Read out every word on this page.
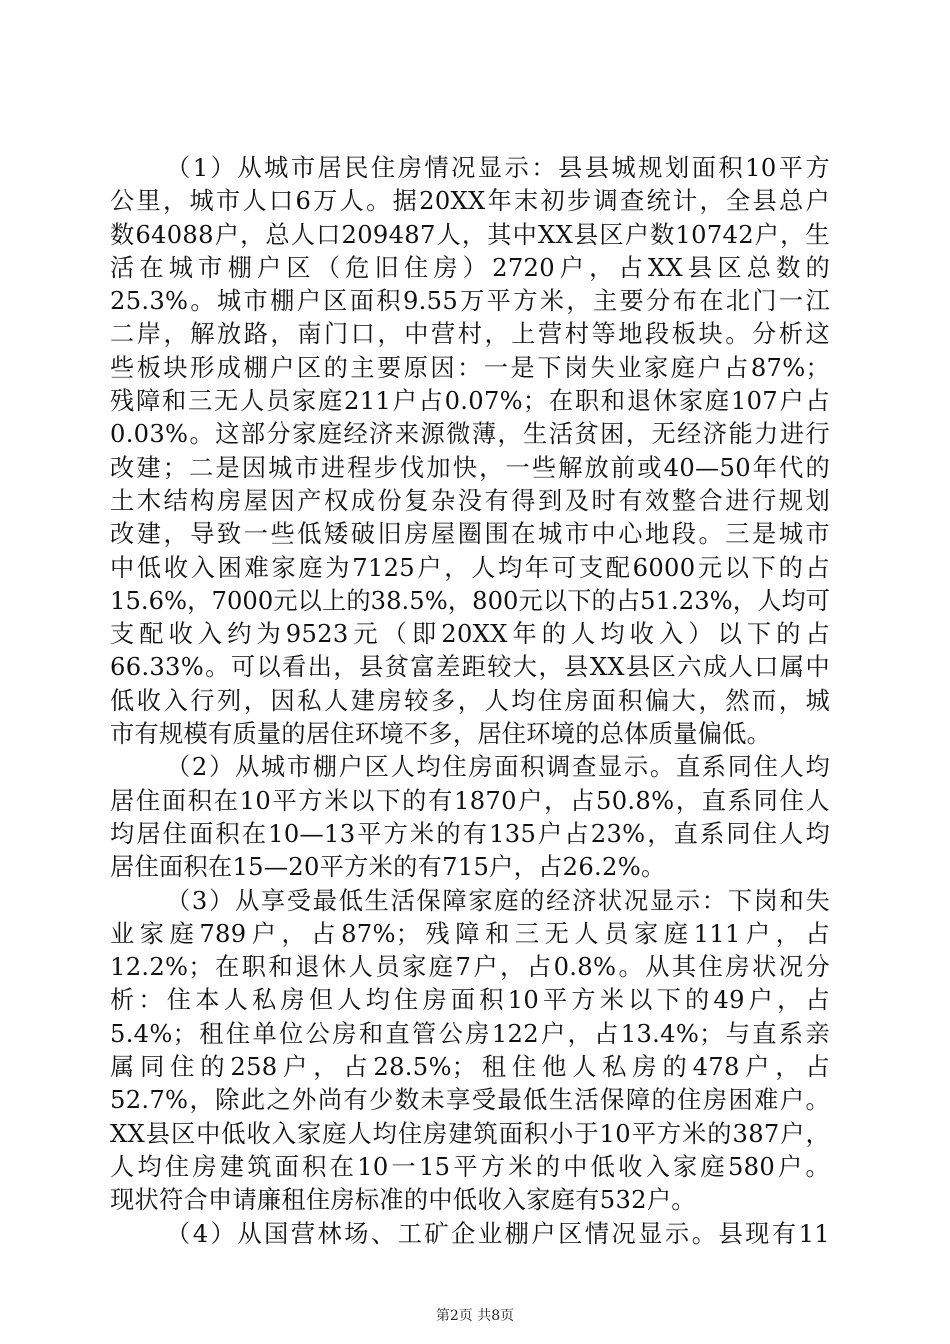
（1）从城市居民住房情况显示：县县城规划面积10平方
公里，城市人口6万人。据20XX年末初步调查统计，全县总户
数64088户，总人口209487人，其中XX县区户数10742户，生
活在城市棚户区（危旧住房）2720户，占XX县区总数的
25.3%。城市棚户区面积9.55万平方米，主要分布在北门一江
二岸，解放路，南门口，中营村，上营村等地段板块。分析这
些板块形成棚户区的主要原因：一是下岗失业家庭户占87%；
残障和三无人员家庭211户占0.07%；在职和退休家庭107户占
0.03%。这部分家庭经济来源微薄，生活贫困，无经济能力进行
改建；二是因城市进程步伐加快，一些解放前或40—50年代的
土木结构房屋因产权成份复杂没有得到及时有效整合进行规划
改建，导致一些低矮破旧房屋圈围在城市中心地段。三是城市
中低收入困难家庭为7125户，人均年可支配6000元以下的占
15.6%，7000元以上的38.5%，800元以下的占51.23%，人均可
支配收入约为9523元（即20XX年的人均收入）以下的占
66.33%。可以看出，县贫富差距较大，县XX县区六成人口属中
低收入行列，因私人建房较多，人均住房面积偏大，然而，城
市有规模有质量的居住环境不多，居住环境的总体质量偏低。
（2）从城市棚户区人均住房面积调查显示。直系同住人均
居住面积在10平方米以下的有1870户，占50.8%，直系同住人
均居住面积在10—13平方米的有135户占23%，直系同住人均
居住面积在15—20平方米的有715户，占26.2%。
（3）从享受最低生活保障家庭的经济状况显示：下岗和失
业家庭789户，占87%；残障和三无人员家庭111户，占
12.2%；在职和退休人员家庭7户，占0.8%。从其住房状况分
析：住本人私房但人均住房面积10平方米以下的49户，占
5.4%；租住单位公房和直管公房122户，占13.4%；与直系亲
属同住的258户，占28.5%；租住他人私房的478户，占
52.7%，除此之外尚有少数未享受最低生活保障的住房困难户。
XX县区中低收入家庭人均住房建筑面积小于10平方米的387户，
人均住房建筑面积在10一15平方米的中低收入家庭580户。
现状符合申请廉租住房标准的中低收入家庭有532户。
（4）从国营林场、工矿企业棚户区情况显示。县现有11
第2页 共8页
